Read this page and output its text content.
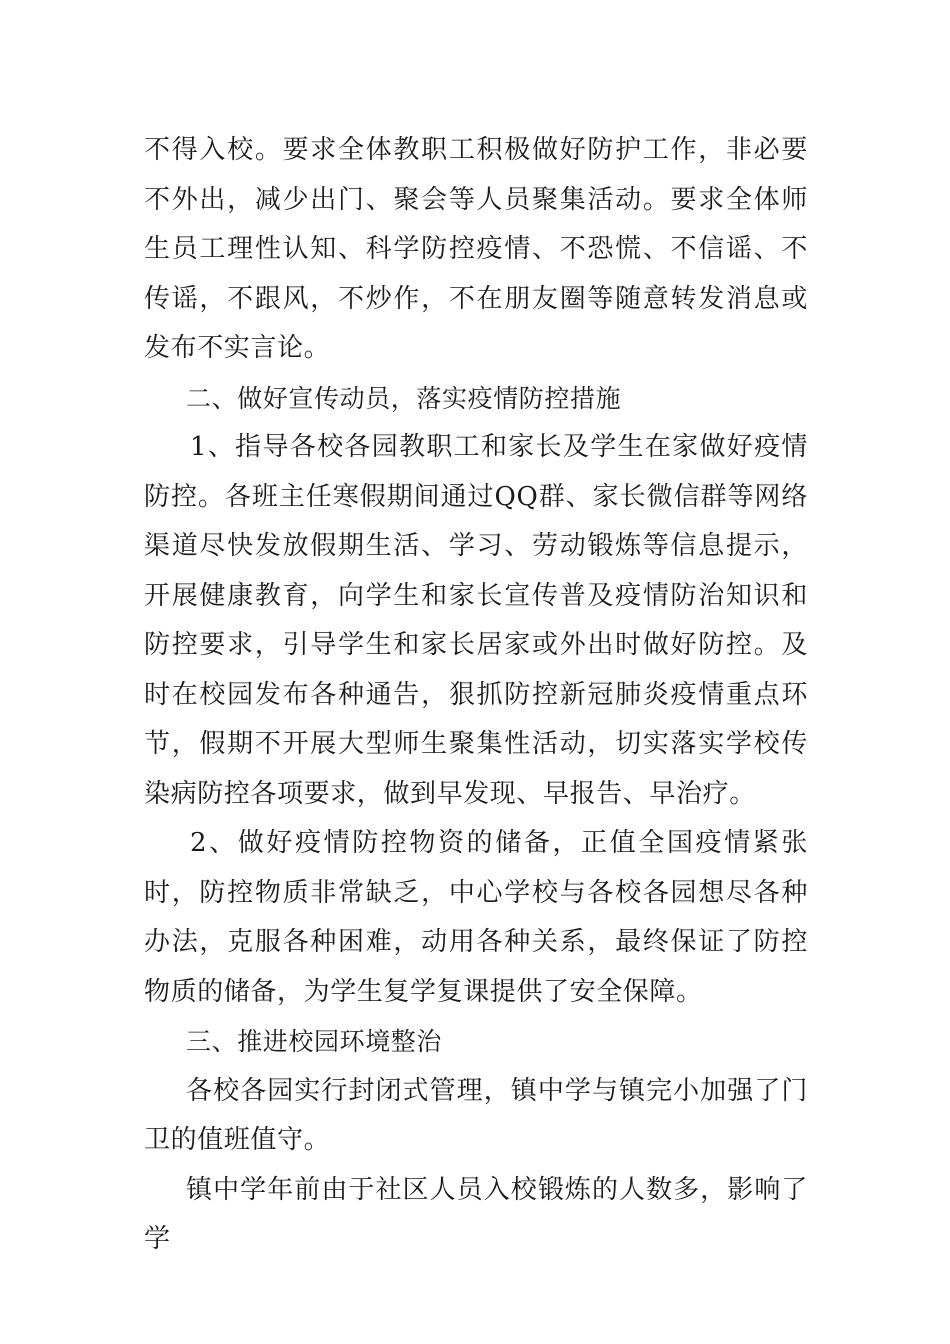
不得入校。要求全体教职工积极做好防护工作，非必要不外出，减少出门、聚会等人员聚集活动。要求全体师生员工理性认知、科学防控疫情、不恐慌、不信谣、不传谣，不跟风，不炒作，不在朋友圈等随意转发消息或发布不实言论。

二、做好宣传动员，落实疫情防控措施

1、指导各校各园教职工和家长及学生在家做好疫情防控。各班主任寒假期间通过QQ群、家长微信群等网络渠道尽快发放假期生活、学习、劳动锻炼等信息提示，开展健康教育，向学生和家长宣传普及疫情防治知识和防控要求，引导学生和家长居家或外出时做好防控。及时在校园发布各种通告，狠抓防控新冠肺炎疫情重点环节，假期不开展大型师生聚集性活动，切实落实学校传染病防控各项要求，做到早发现、早报告、早治疗。

2、做好疫情防控物资的储备，正值全国疫情紧张时，防控物质非常缺乏，中心学校与各校各园想尽各种办法，克服各种困难，动用各种关系，最终保证了防控物质的储备，为学生复学复课提供了安全保障。

三、推进校园环境整治

各校各园实行封闭式管理，镇中学与镇完小加强了门卫的值班值守。

镇中学年前由于社区人员入校锻炼的人数多，影响了学
